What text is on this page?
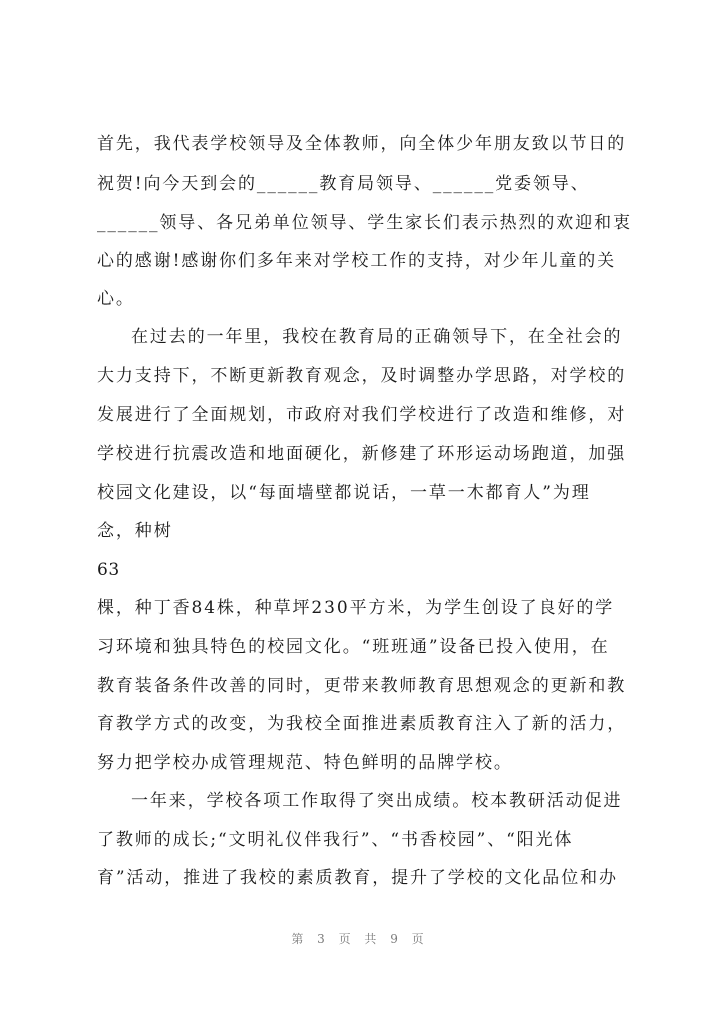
首先，我代表学校领导及全体教师，向全体少年朋友致以节日的
祝贺!向今天到会的______教育局领导、______党委领导、
______领导、各兄弟单位领导、学生家长们表示热烈的欢迎和衷
心的感谢!感谢你们多年来对学校工作的支持，对少年儿童的关
心。
在过去的一年里，我校在教育局的正确领导下，在全社会的
大力支持下，不断更新教育观念，及时调整办学思路，对学校的
发展进行了全面规划，市政府对我们学校进行了改造和维修，对
学校进行抗震改造和地面硬化，新修建了环形运动场跑道，加强
校园文化建设，以“每面墙壁都说话，一草一木都育人”为理
念，种树
63
棵，种丁香84株，种草坪230平方米，为学生创设了良好的学
习环境和独具特色的校园文化。“班班通”设备已投入使用，在
教育装备条件改善的同时，更带来教师教育思想观念的更新和教
育教学方式的改变，为我校全面推进素质教育注入了新的活力，
努力把学校办成管理规范、特色鲜明的品牌学校。
一年来，学校各项工作取得了突出成绩。校本教研活动促进
了教师的成长;“文明礼仪伴我行”、“书香校园”、“阳光体
育”活动，推进了我校的素质教育，提升了学校的文化品位和办
第 3 页 共 9 页
